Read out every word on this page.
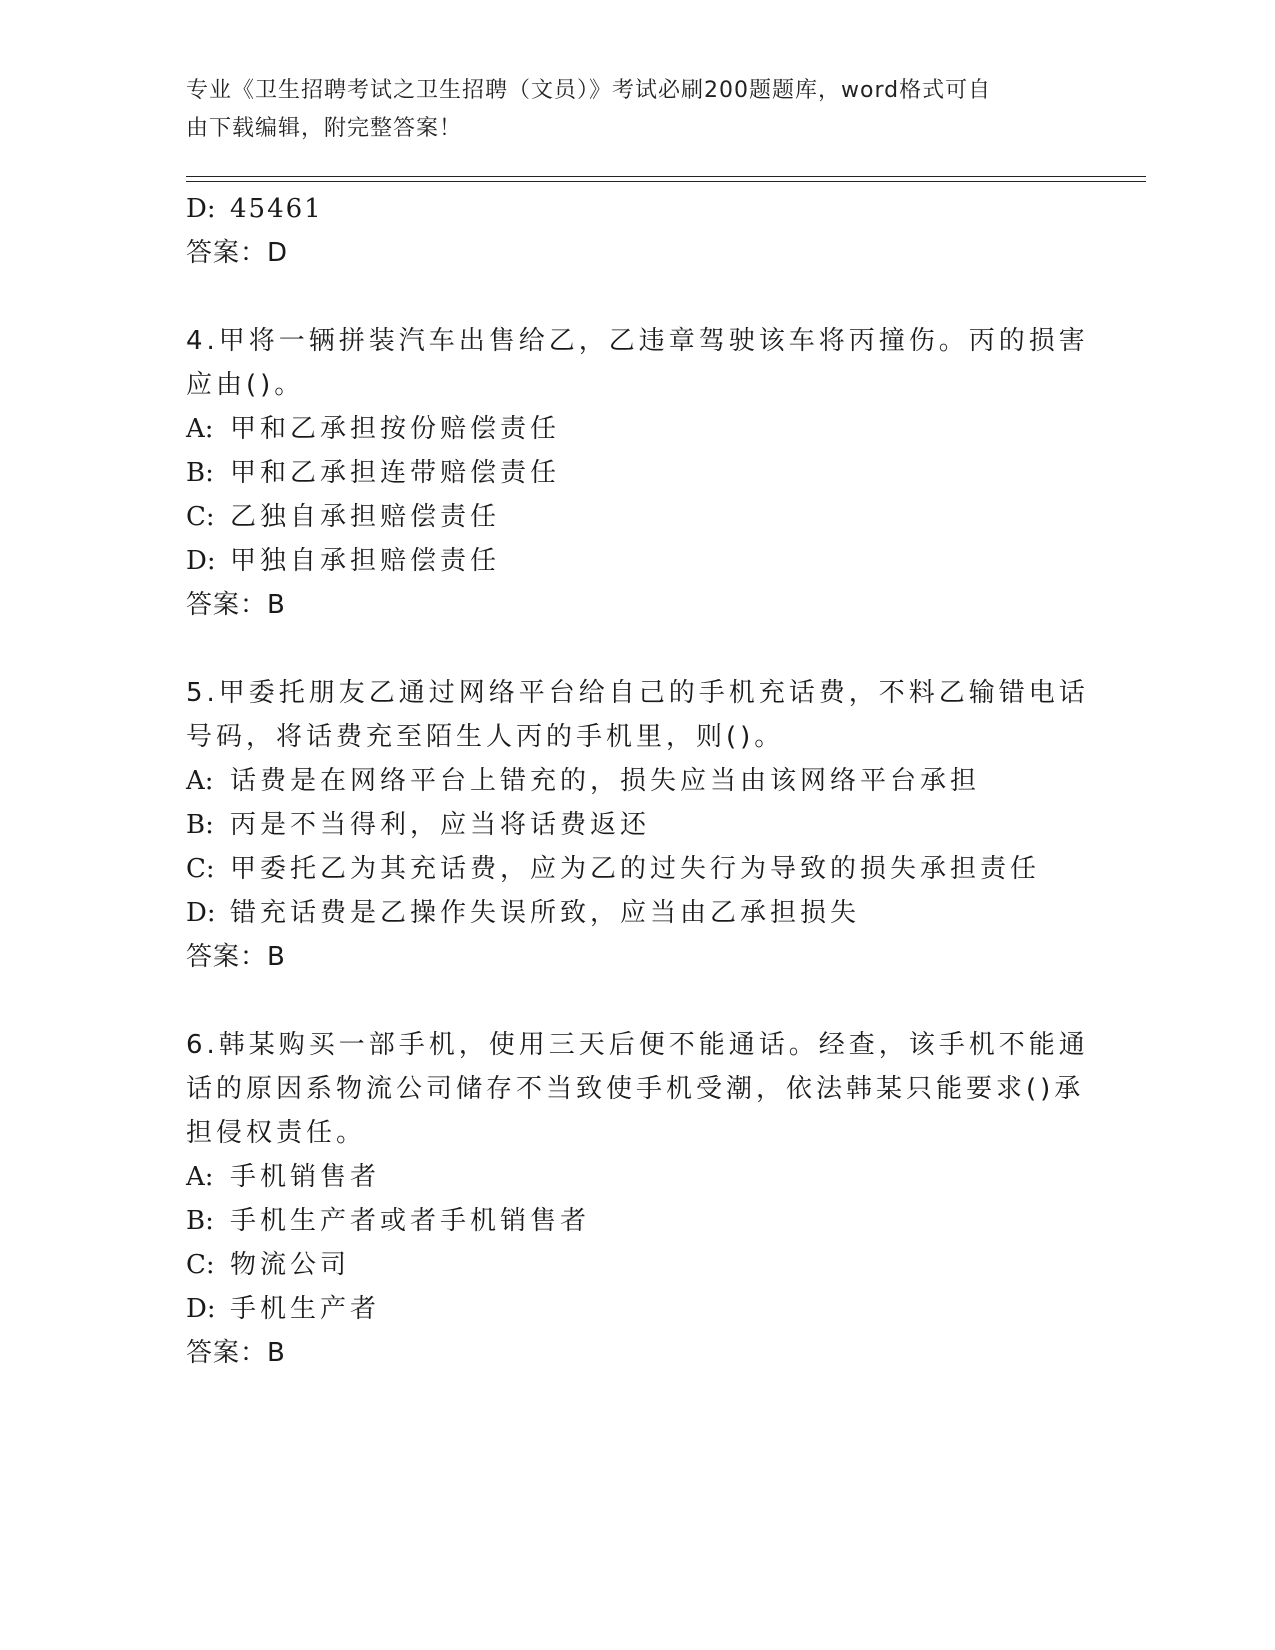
专业《卫生招聘考试之卫生招聘（文员）》考试必刷200题题库，word格式可自
由下载编辑，附完整答案！
D: 45461
答案：D
4.甲将一辆拼装汽车出售给乙，乙违章驾驶该车将丙撞伤。丙的损害
应由()。
A: 甲和乙承担按份赔偿责任
B: 甲和乙承担连带赔偿责任
C: 乙独自承担赔偿责任
D: 甲独自承担赔偿责任
答案：B
5.甲委托朋友乙通过网络平台给自己的手机充话费，不料乙输错电话
号码，将话费充至陌生人丙的手机里，则()。
A: 话费是在网络平台上错充的，损失应当由该网络平台承担
B: 丙是不当得利，应当将话费返还
C: 甲委托乙为其充话费，应为乙的过失行为导致的损失承担责任
D: 错充话费是乙操作失误所致，应当由乙承担损失
答案：B
6.韩某购买一部手机，使用三天后便不能通话。经查，该手机不能通
话的原因系物流公司储存不当致使手机受潮，依法韩某只能要求()承
担侵权责任。
A: 手机销售者
B: 手机生产者或者手机销售者
C: 物流公司
D: 手机生产者
答案：B
